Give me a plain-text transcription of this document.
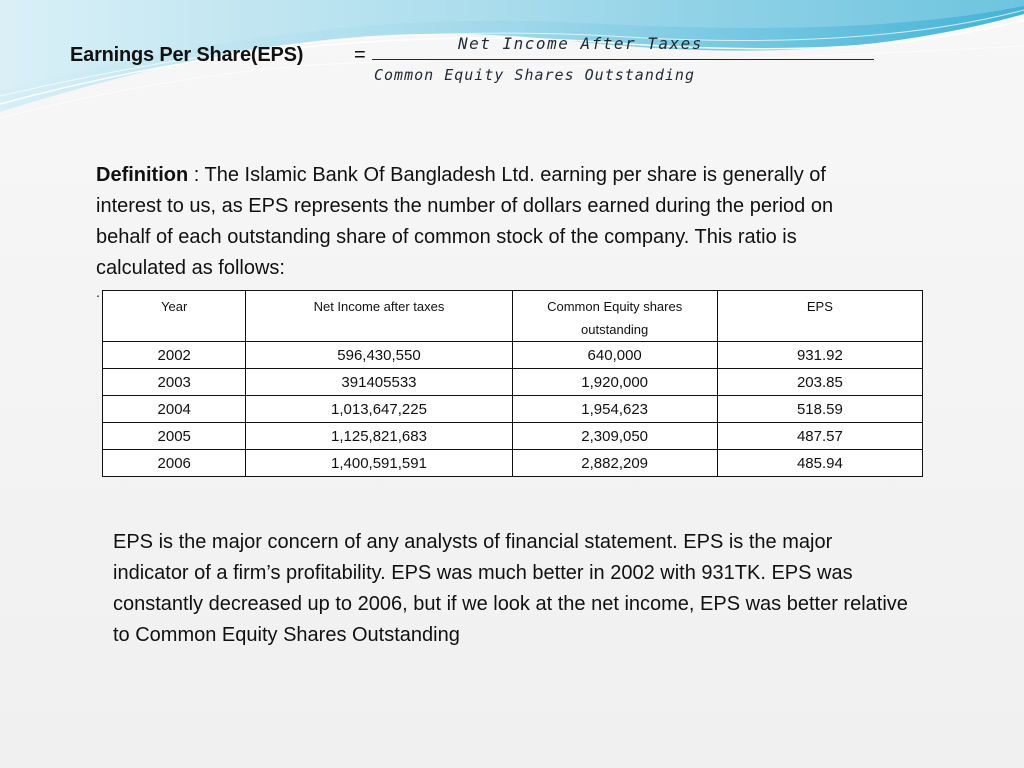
Earnings Per Share(EPS)	=
Net Income After Taxes
Common Equity Shares Outstanding
Definition : The Islamic Bank Of Bangladesh Ltd. earning per share is generally of interest to us, as EPS represents the number of dollars earned during the period on behalf of each outstanding share of common stock of the company. This ratio is calculated as follows:
.
Year	Net Income after taxes	Common Equity shares outstanding	EPS
2002	596,430,550	640,000	931.92
2003	391405533	1,920,000	203.85
2004	1,013,647,225	1,954,623	518.59
2005	1,125,821,683	2,309,050	487.57
2006	1,400,591,591	2,882,209	485.94
EPS is the major concern of any analysts of financial statement. EPS is the major indicator of a firm’s profitability. EPS was much better in 2002 with 931TK. EPS was constantly decreased up to 2006, but if we look at the net income, EPS was better relative to Common Equity Shares Outstanding
